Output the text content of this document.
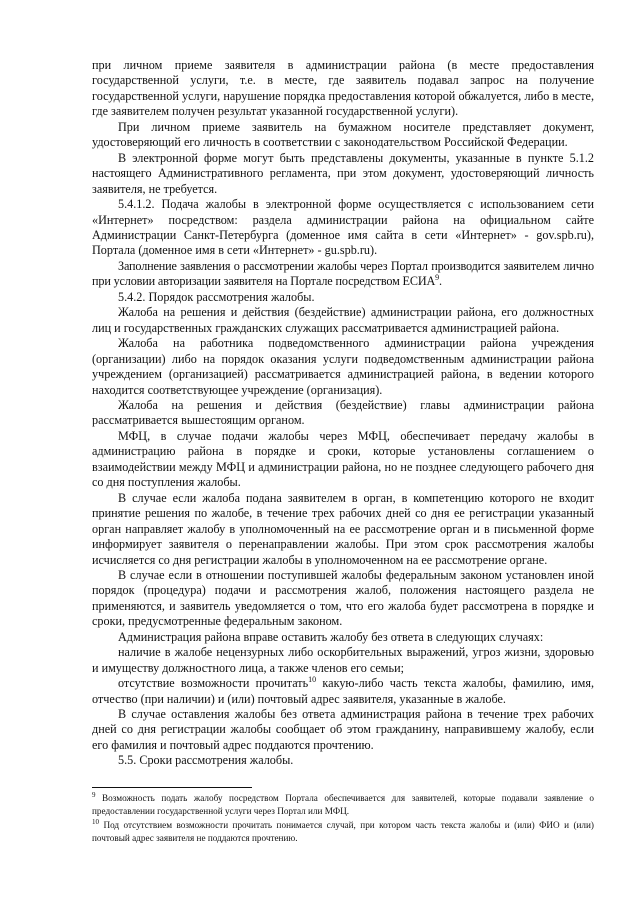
при личном приеме заявителя в администрации района (в месте предоставления государственной услуги, т.е. в месте, где заявитель подавал запрос на получение государственной услуги, нарушение порядка предоставления которой обжалуется, либо в месте, где заявителем получен результат указанной государственной услуги).

При личном приеме заявитель на бумажном носителе представляет документ, удостоверяющий его личность в соответствии с законодательством Российской Федерации.

В электронной форме могут быть представлены документы, указанные в пункте 5.1.2 настоящего Административного регламента, при этом документ, удостоверяющий личность заявителя, не требуется.

5.4.1.2. Подача жалобы в электронной форме осуществляется с использованием сети «Интернет» посредством: раздела администрации района на официальном сайте Администрации Санкт-Петербурга (доменное имя сайта в сети «Интернет» - gov.spb.ru), Портала (доменное имя в сети «Интернет» - gu.spb.ru).

Заполнение заявления о рассмотрении жалобы через Портал производится заявителем лично при условии авторизации заявителя на Портале посредством ЕСИА$^9$.

5.4.2. Порядок рассмотрения жалобы.

Жалоба на решения и действия (бездействие) администрации района, его должностных лиц и государственных гражданских служащих рассматривается администрацией района.

Жалоба на работника подведомственного администрации района учреждения (организации) либо на порядок оказания услуги подведомственным администрации района учреждением (организацией) рассматривается администрацией района, в ведении которого находится соответствующее учреждение (организация).

Жалоба на решения и действия (бездействие) главы администрации района рассматривается вышестоящим органом.

МФЦ, в случае подачи жалобы через МФЦ, обеспечивает передачу жалобы в администрацию района в порядке и сроки, которые установлены соглашением о взаимодействии между МФЦ и администрации района, но не позднее следующего рабочего дня со дня поступления жалобы.

В случае если жалоба подана заявителем в орган, в компетенцию которого не входит принятие решения по жалобе, в течение трех рабочих дней со дня ее регистрации указанный орган направляет жалобу в уполномоченный на ее рассмотрение орган и в письменной форме информирует заявителя о перенаправлении жалобы. При этом срок рассмотрения жалобы исчисляется со дня регистрации жалобы в уполномоченном на ее рассмотрение органе.

В случае если в отношении поступившей жалобы федеральным законом установлен иной порядок (процедура) подачи и рассмотрения жалоб, положения настоящего раздела не применяются, и заявитель уведомляется о том, что его жалоба будет рассмотрена в порядке и сроки, предусмотренные федеральным законом.

Администрация района вправе оставить жалобу без ответа в следующих случаях:

наличие в жалобе нецензурных либо оскорбительных выражений, угроз жизни, здоровью и имуществу должностного лица, а также членов его семьи;

отсутствие возможности прочитать$^{10}$ какую-либо часть текста жалобы, фамилию, имя, отчество (при наличии) и (или) почтовый адрес заявителя, указанные в жалобе.

В случае оставления жалобы без ответа администрация района в течение трех рабочих дней со дня регистрации жалобы сообщает об этом гражданину, направившему жалобу, если его фамилия и почтовый адрес поддаются прочтению.

5.5. Сроки рассмотрения жалобы.

$^9$ Возможность подать жалобу посредством Портала обеспечивается для заявителей, которые подавали заявление о предоставлении государственной услуги через Портал или МФЦ.

$^{10}$ Под отсутствием возможности прочитать понимается случай, при котором часть текста жалобы и (или) ФИО и (или) почтовый адрес заявителя не поддаются прочтению.
